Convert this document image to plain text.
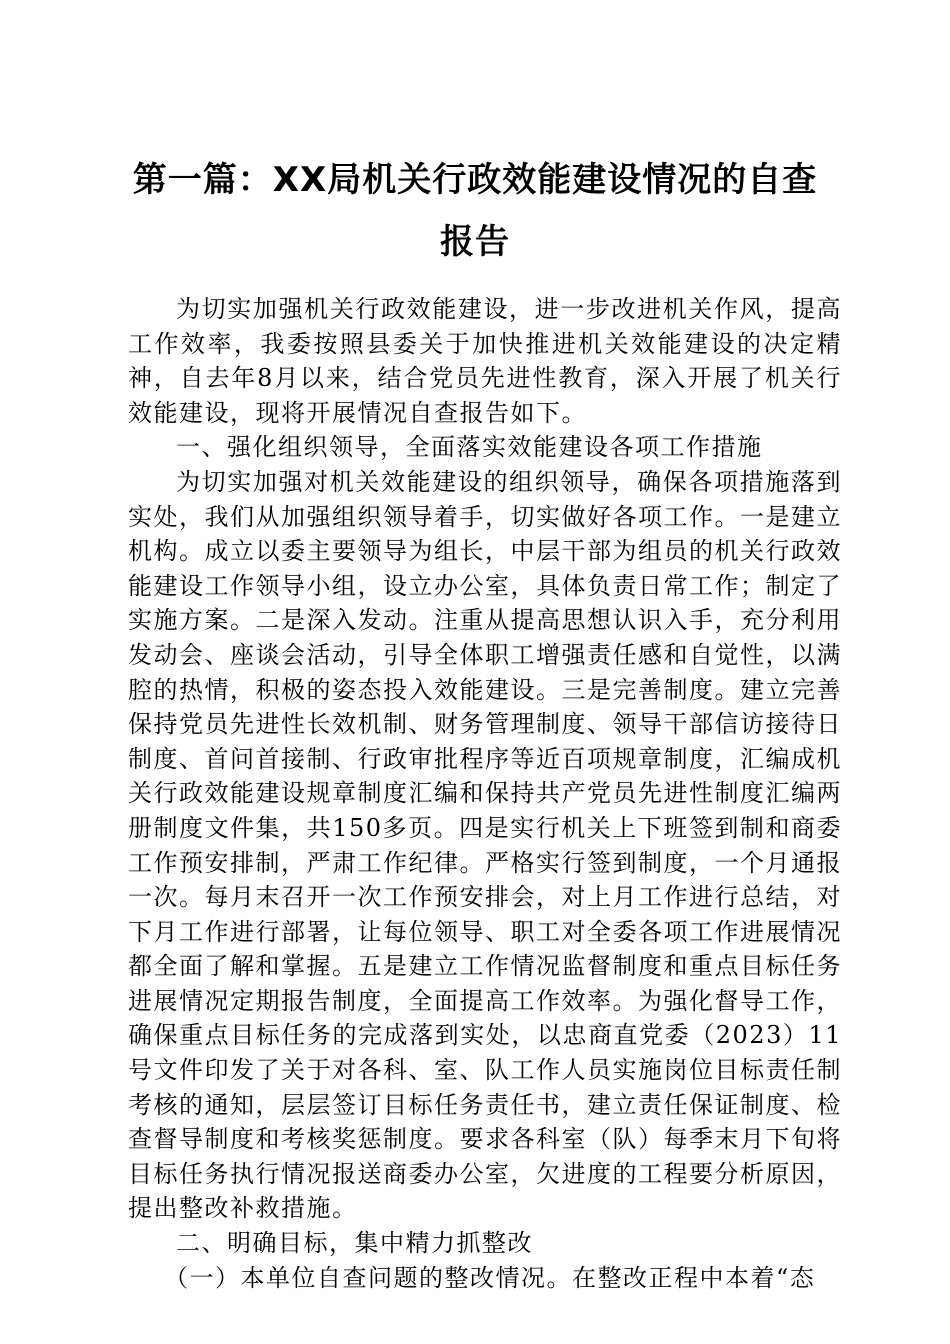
第一篇：XX局机关行政效能建设情况的自查
报告

为切实加强机关行政效能建设，进一步改进机关作风，提高工作效率，我委按照县委关于加快推进机关效能建设的决定精神，自去年8月以来，结合党员先进性教育，深入开展了机关行效能建设，现将开展情况自查报告如下。

一、强化组织领导，全面落实效能建设各项工作措施

为切实加强对机关效能建设的组织领导，确保各项措施落到实处，我们从加强组织领导着手，切实做好各项工作。一是建立机构。成立以委主要领导为组长，中层干部为组员的机关行政效能建设工作领导小组，设立办公室，具体负责日常工作；制定了实施方案。二是深入发动。注重从提高思想认识入手，充分利用发动会、座谈会活动，引导全体职工增强责任感和自觉性，以满腔的热情，积极的姿态投入效能建设。三是完善制度。建立完善保持党员先进性长效机制、财务管理制度、领导干部信访接待日制度、首问首接制、行政审批程序等近百项规章制度，汇编成机关行政效能建设规章制度汇编和保持共产党员先进性制度汇编两册制度文件集，共150多页。四是实行机关上下班签到制和商委工作预安排制，严肃工作纪律。严格实行签到制度，一个月通报一次。每月末召开一次工作预安排会，对上月工作进行总结，对下月工作进行部署，让每位领导、职工对全委各项工作进展情况都全面了解和掌握。五是建立工作情况监督制度和重点目标任务进展情况定期报告制度，全面提高工作效率。为强化督导工作，确保重点目标任务的完成落到实处，以忠商直党委（2023）11号文件印发了关于对各科、室、队工作人员实施岗位目标责任制考核的通知，层层签订目标任务责任书，建立责任保证制度、检查督导制度和考核奖惩制度。要求各科室（队）每季末月下旬将目标任务执行情况报送商委办公室，欠进度的工程要分析原因，提出整改补救措施。

二、明确目标，集中精力抓整改

（一）本单位自查问题的整改情况。在整改正程中本着“态
